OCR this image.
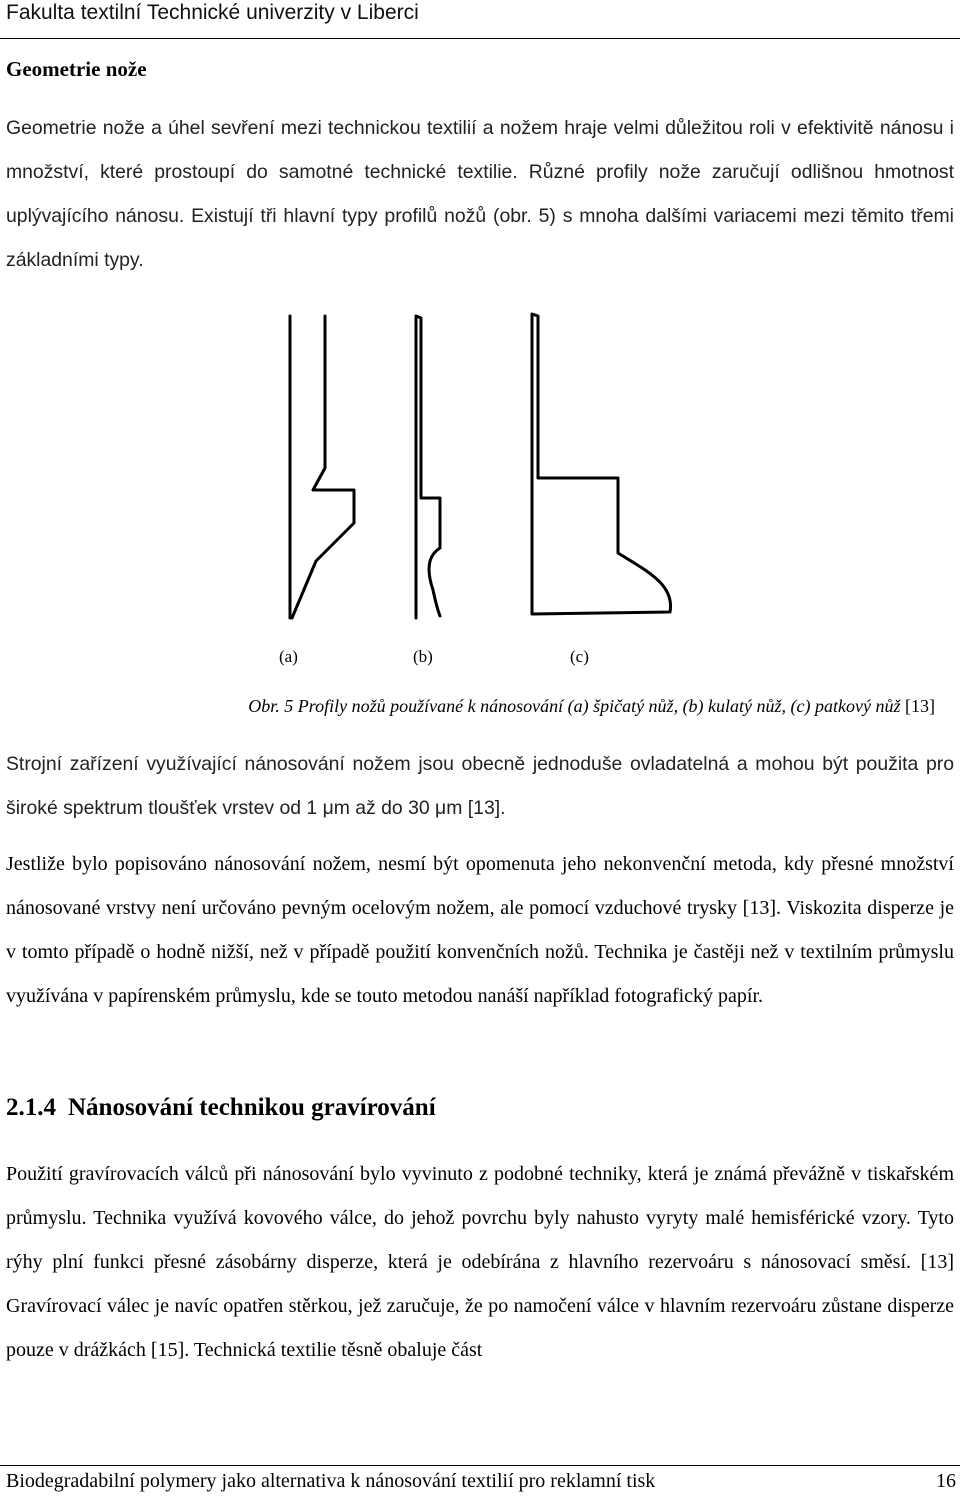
Fakulta textilní Technické univerzity v Liberci
Geometrie nože

Geometrie nože a úhel sevření mezi technickou textilií a nožem hraje velmi důležitou roli v efektivitě nánosu i množství, které prostoupí do samotné technické textilie. Různé profily nože zaručují odlišnou hmotnost uplývajícího nánosu. Existují tři hlavní typy profilů nožů (obr. 5) s mnoha dalšími variacemi mezi těmito třemi základními typy.

(a)	(b)	(c)
Obr. 5 Profily nožů používané k nánosování (a) špičatý nůž, (b) kulatý nůž, (c) patkový nůž [13]

Strojní zařízení využívající nánosování nožem jsou obecně jednoduše ovladatelná a mohou být použita pro široké spektrum tloušťek vrstev od 1 μm až do 30 μm [13].

Jestliže bylo popisováno nánosování nožem, nesmí být opomenuta jeho nekonvenční metoda, kdy přesné množství nánosované vrstvy není určováno pevným ocelovým nožem, ale pomocí vzduchové trysky [13]. Viskozita disperze je v tomto případě o hodně nižší, než v případě použití konvenčních nožů. Technika je častěji než v textilním průmyslu využívána v papírenském průmyslu, kde se touto metodou nanáší například fotografický papír.

2.1.4 Nánosování technikou gravírování

Použití gravírovacích válců při nánosování bylo vyvinuto z podobné techniky, která je známá převážně v tiskařském průmyslu. Technika využívá kovového válce, do jehož povrchu byly nahusto vyryty malé hemisférické vzory. Tyto rýhy plní funkci přesné zásobárny disperze, která je odebírána z hlavního rezervoáru s nánosovací směsí. [13] Gravírovací válec je navíc opatřen stěrkou, jež zaručuje, že po namočení válce v hlavním rezervoáru zůstane disperze pouze v drážkách [15]. Technická textilie těsně obaluje část

Biodegradabilní polymery jako alternativa k nánosování textilií pro reklamní tisk	16
